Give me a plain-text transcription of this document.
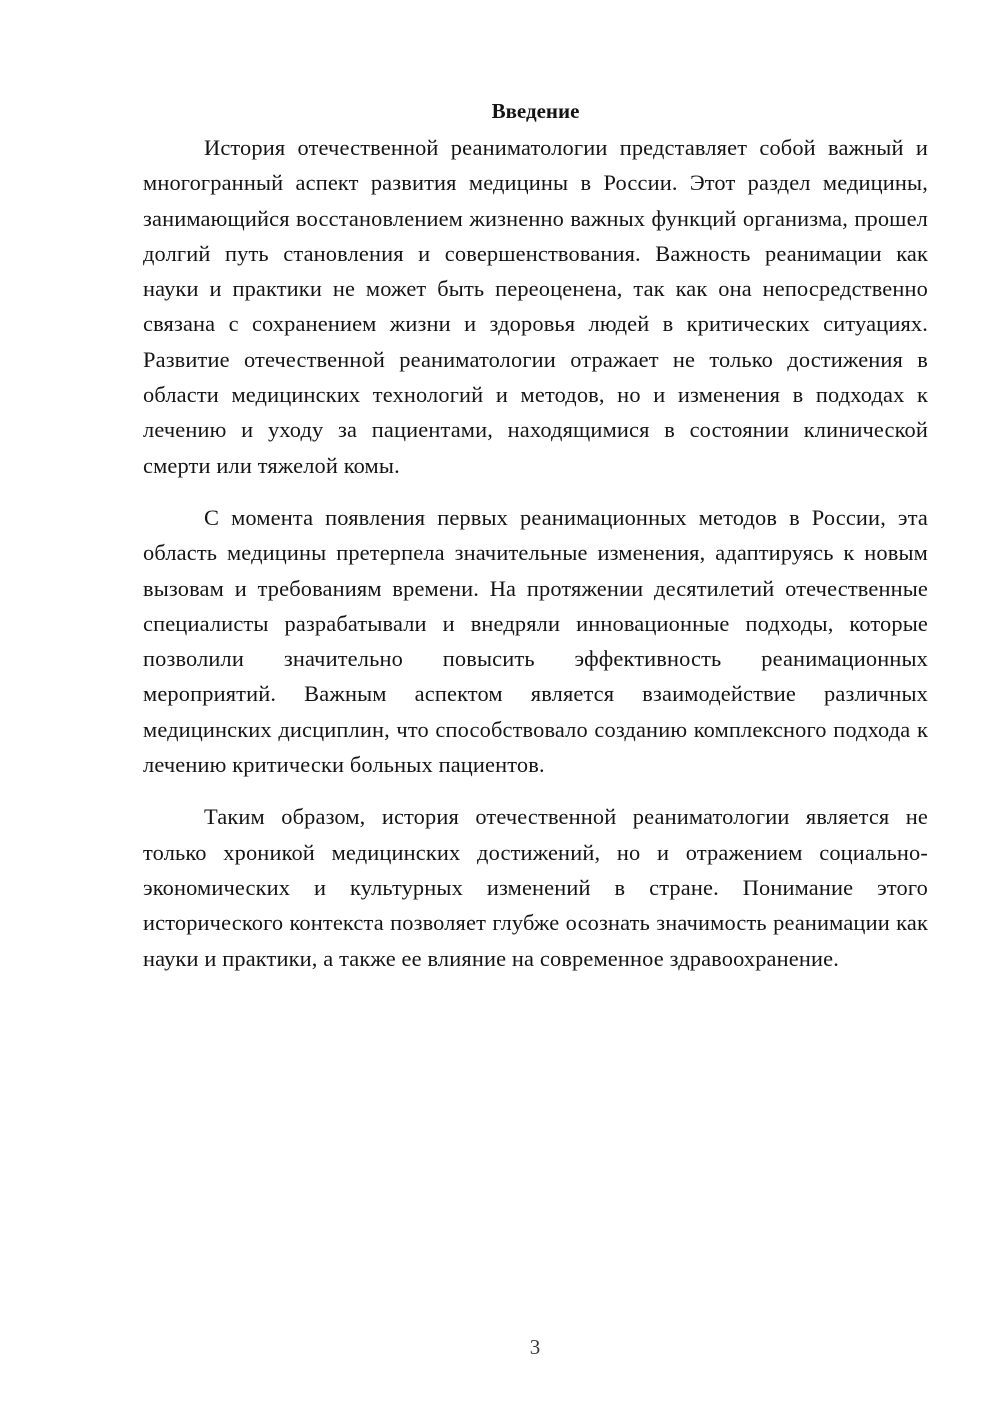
Введение

История отечественной реаниматологии представляет собой важный и многогранный аспект развития медицины в России. Этот раздел медицины, занимающийся восстановлением жизненно важных функций организма, прошел долгий путь становления и совершенствования. Важность реанимации как науки и практики не может быть переоценена, так как она непосредственно связана с сохранением жизни и здоровья людей в критических ситуациях. Развитие отечественной реаниматологии отражает не только достижения в области медицинских технологий и методов, но и изменения в подходах к лечению и уходу за пациентами, находящимися в состоянии клинической смерти или тяжелой комы.

С момента появления первых реанимационных методов в России, эта область медицины претерпела значительные изменения, адаптируясь к новым вызовам и требованиям времени. На протяжении десятилетий отечественные специалисты разрабатывали и внедряли инновационные подходы, которые позволили значительно повысить эффективность реанимационных мероприятий. Важным аспектом является взаимодействие различных медицинских дисциплин, что способствовало созданию комплексного подхода к лечению критически больных пациентов.

Таким образом, история отечественной реаниматологии является не только хроникой медицинских достижений, но и отражением социально-экономических и культурных изменений в стране. Понимание этого исторического контекста позволяет глубже осознать значимость реанимации как науки и практики, а также ее влияние на современное здравоохранение.

3
